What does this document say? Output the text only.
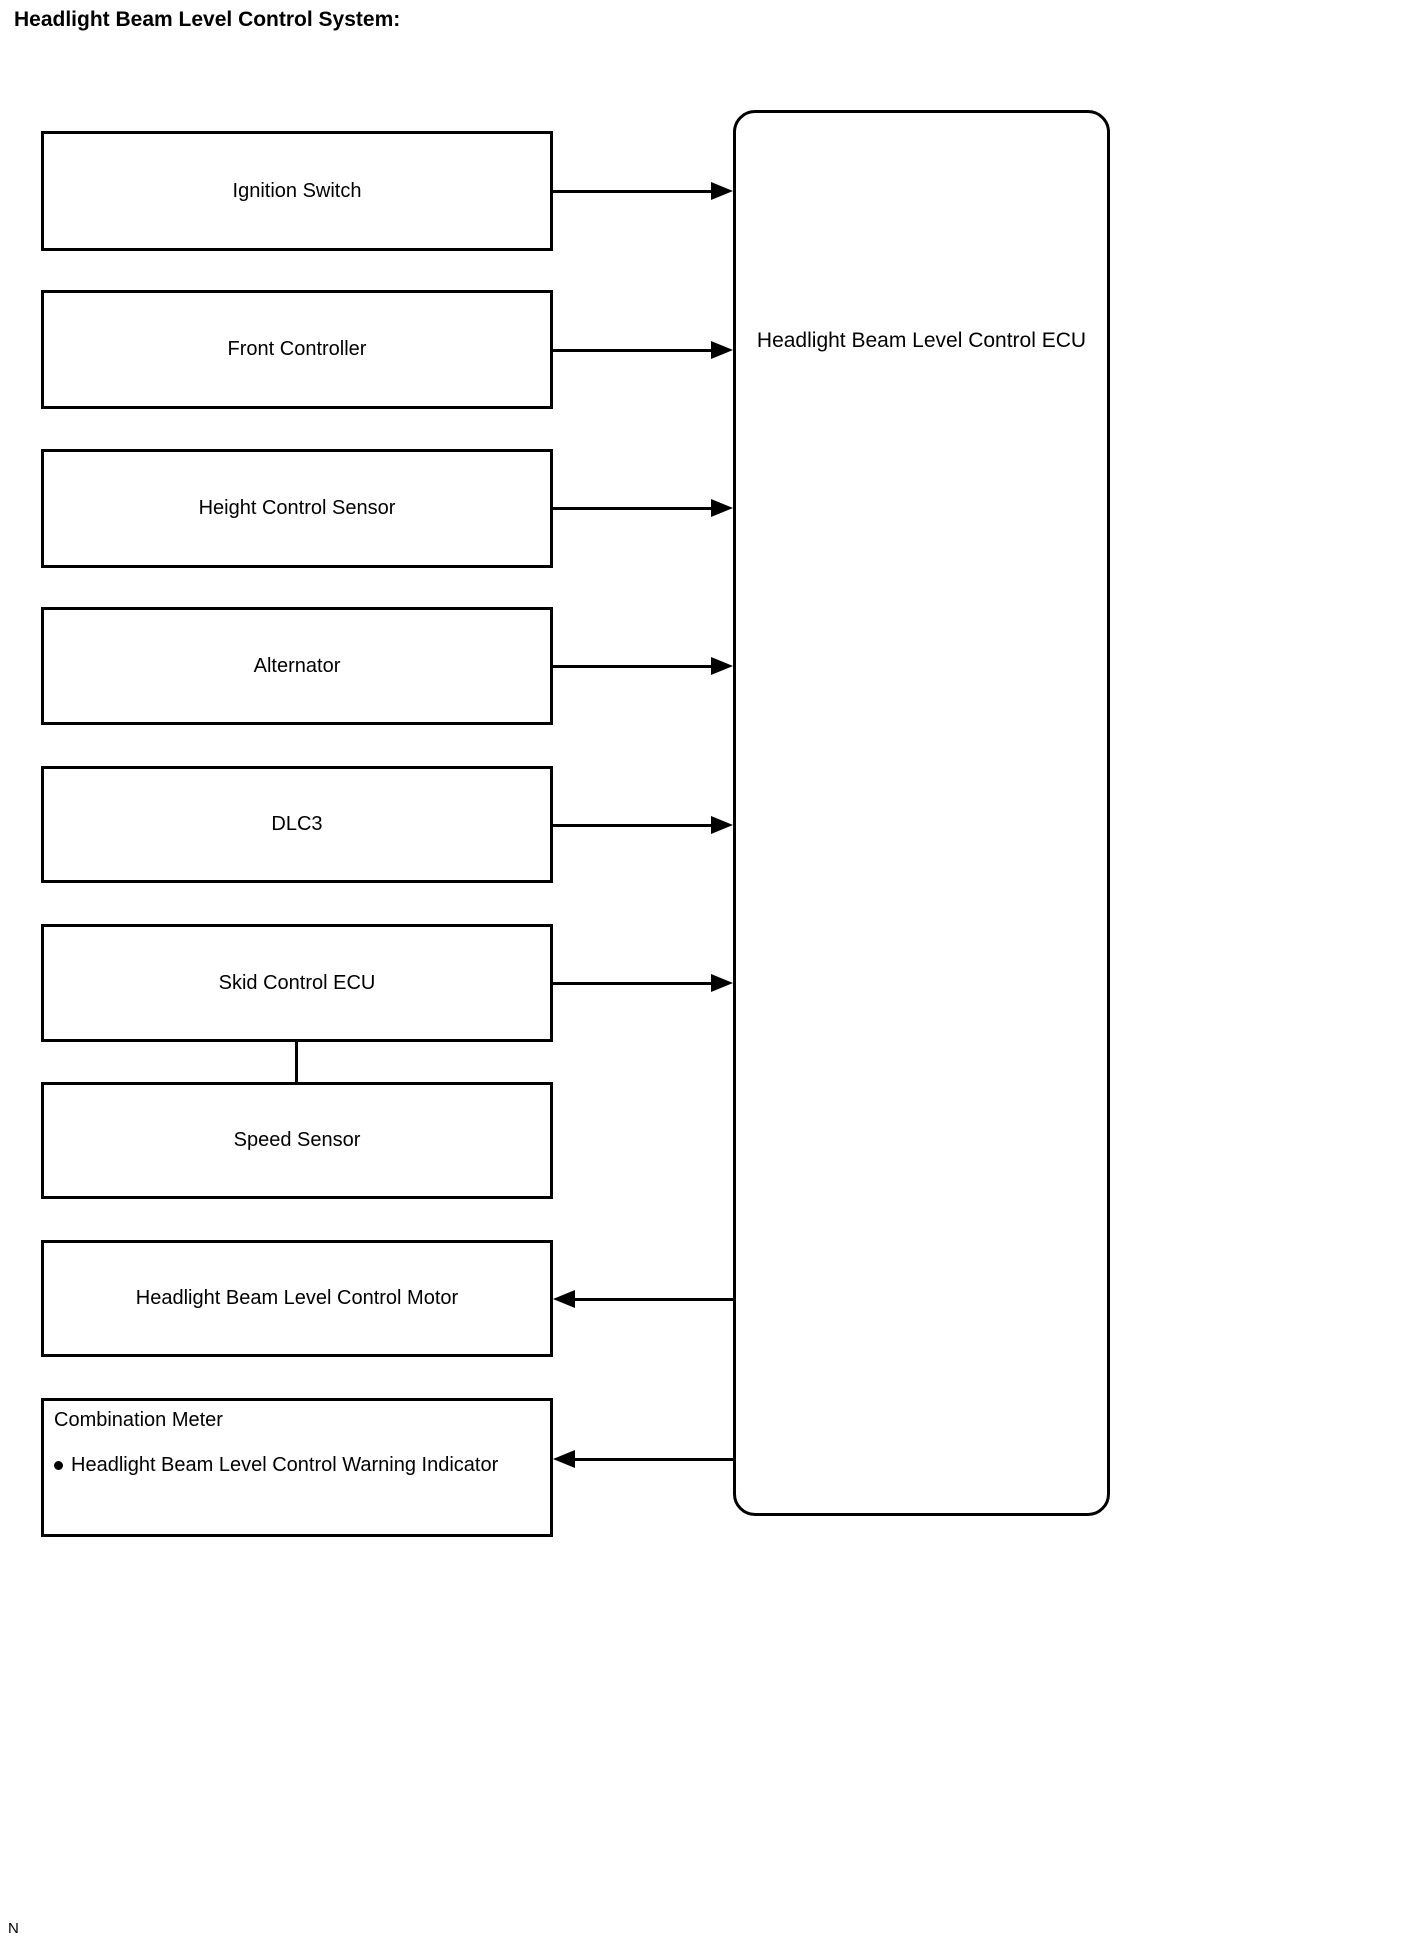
Headlight Beam Level Control System:
Headlight Beam Level Control ECU
Ignition Switch
Front Controller
Height Control Sensor
Alternator
DLC3
Skid Control ECU
Speed Sensor
Headlight Beam Level Control Motor
Combination Meter
Headlight Beam Level Control Warning Indicator
N
